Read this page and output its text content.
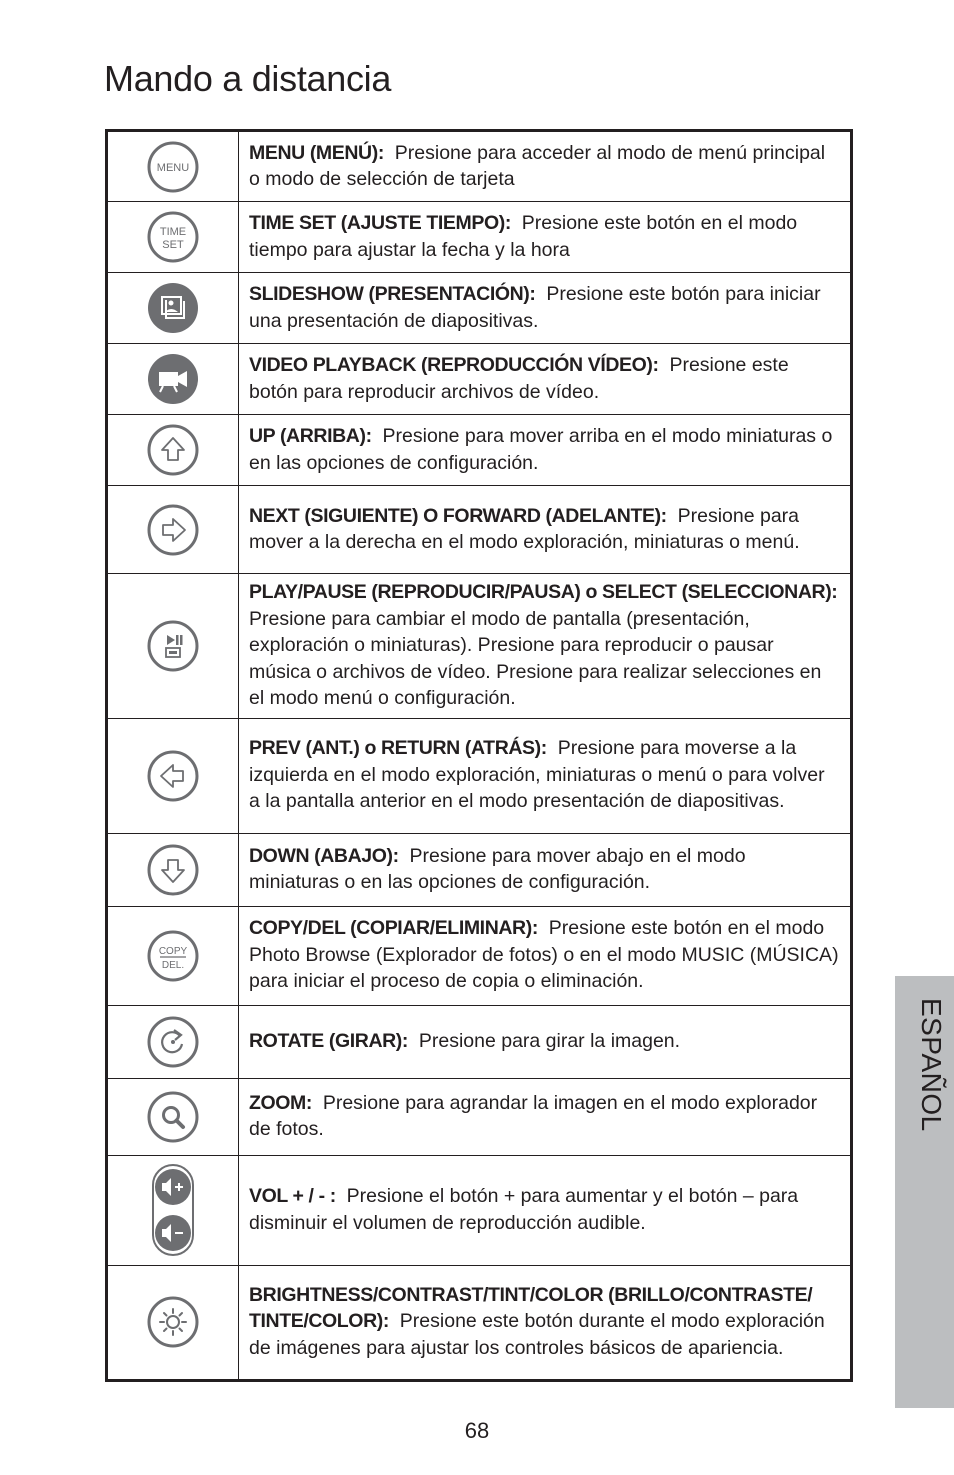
Mando a distancia
MENU	MENU (MENÚ): Presione para acceder al modo de menú principal o modo de selección de tarjeta

TIME
SET	TIME SET (AJUSTE TIEMPO): Presione este botón en el modo tiempo para ajustar la fecha y la hora

	SLIDESHOW (PRESENTACIÓN): Presione este botón para iniciar una presentación de diapositivas.

	VIDEO PLAYBACK (REPRODUCCIÓN VÍDEO): Presione este botón para reproducir archivos de vídeo.

	UP (ARRIBA): Presione para mover arriba en el modo miniaturas o en las opciones de configuración.

	NEXT (SIGUIENTE) O FORWARD (ADELANTE): Presione para mover a la derecha en el modo exploración, miniaturas o menú.

	PLAY/PAUSE (REPRODUCIR/PAUSA) o SELECT (SELECCIONAR): Presione para cambiar el modo de pantalla (presentación, exploración o miniaturas). Presione para reproducir o pausar música o archivos de vídeo. Presione para realizar selecciones en el modo menú o configuración.

	PREV (ANT.) o RETURN (ATRÁS): Presione para moverse a la izquierda en el modo exploración, miniaturas o menú o para volver a la pantalla anterior en el modo presentación de diapositivas.

	DOWN (ABAJO): Presione para mover abajo en el modo miniaturas o en las opciones de configuración.

COPY
DEL.	COPY/DEL (COPIAR/ELIMINAR): Presione este botón en el modo Photo Browse (Explorador de fotos) o en el modo MUSIC (MÚSICA) para iniciar el proceso de copia o eliminación.

	ROTATE (GIRAR): Presione para girar la imagen.

	ZOOM: Presione para agrandar la imagen en el modo explorador de fotos.

	VOL + / - : Presione el botón + para aumentar y el botón – para disminuir el volumen de reproducción audible.

	BRIGHTNESS/CONTRAST/TINT/COLOR (BRILLO/CONTRASTE/ TINTE/COLOR): Presione este botón durante el modo exploración de imágenes para ajustar los controles básicos de apariencia.
ESPAÑOL
68
